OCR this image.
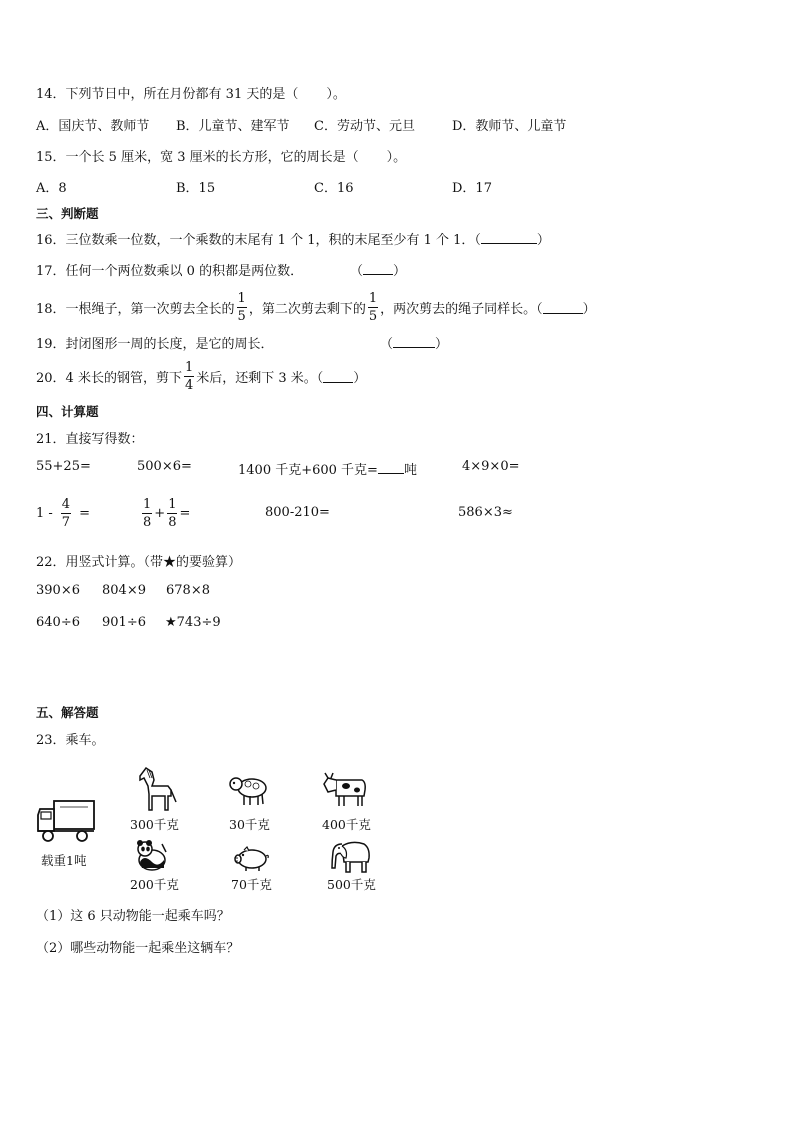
14．下列节日中，所在月份都有 31 天的是（ ）。
A．国庆节、教师节 B．儿童节、建军节 C．劳动节、元旦	D．教师节、儿童节
15．一个长 5 厘米，宽 3 厘米的长方形，它的周长是（ ）。
A．8	B．15	C．16	D．17
三、判断题
16．三位数乘一位数，一个乘数的末尾有 1 个 1，积的末尾至少有 1 个 1．（	）
17．任何一个两位数乘以 0 的积都是两位数．	（ ）
18．一根绳子，第一次剪去全长的 $\frac{1}{5}$ ，第二次剪去剩下的 $\frac{1}{5}$ ，两次剪去的绳子同样长。（	）
19．封闭图形一周的长度，是它的周长．	（	）
20．4 米长的钢管，剪下 $\frac{1}{4}$ 米后，还剩下 3 米。（ ）
四、计算题
21．直接写得数：
55+25=	500×6=	1400 千克+600 千克= 吨	4×9×0=
$1 - \frac{4}{7}$ =	$\frac{1}{8} + \frac{1}{8}$ =	800-210=	586×3≈
22．用竖式计算。（带★的要验算）
390×6 804×9 678×8
640÷6 901÷6 ★743÷9
五、解答题
23．乘车。
载重1吨
300千克	30千克	400千克
200千克	70千克	500千克
（1）这 6 只动物能一起乘车吗？
（2）哪些动物能一起乘坐这辆车？
